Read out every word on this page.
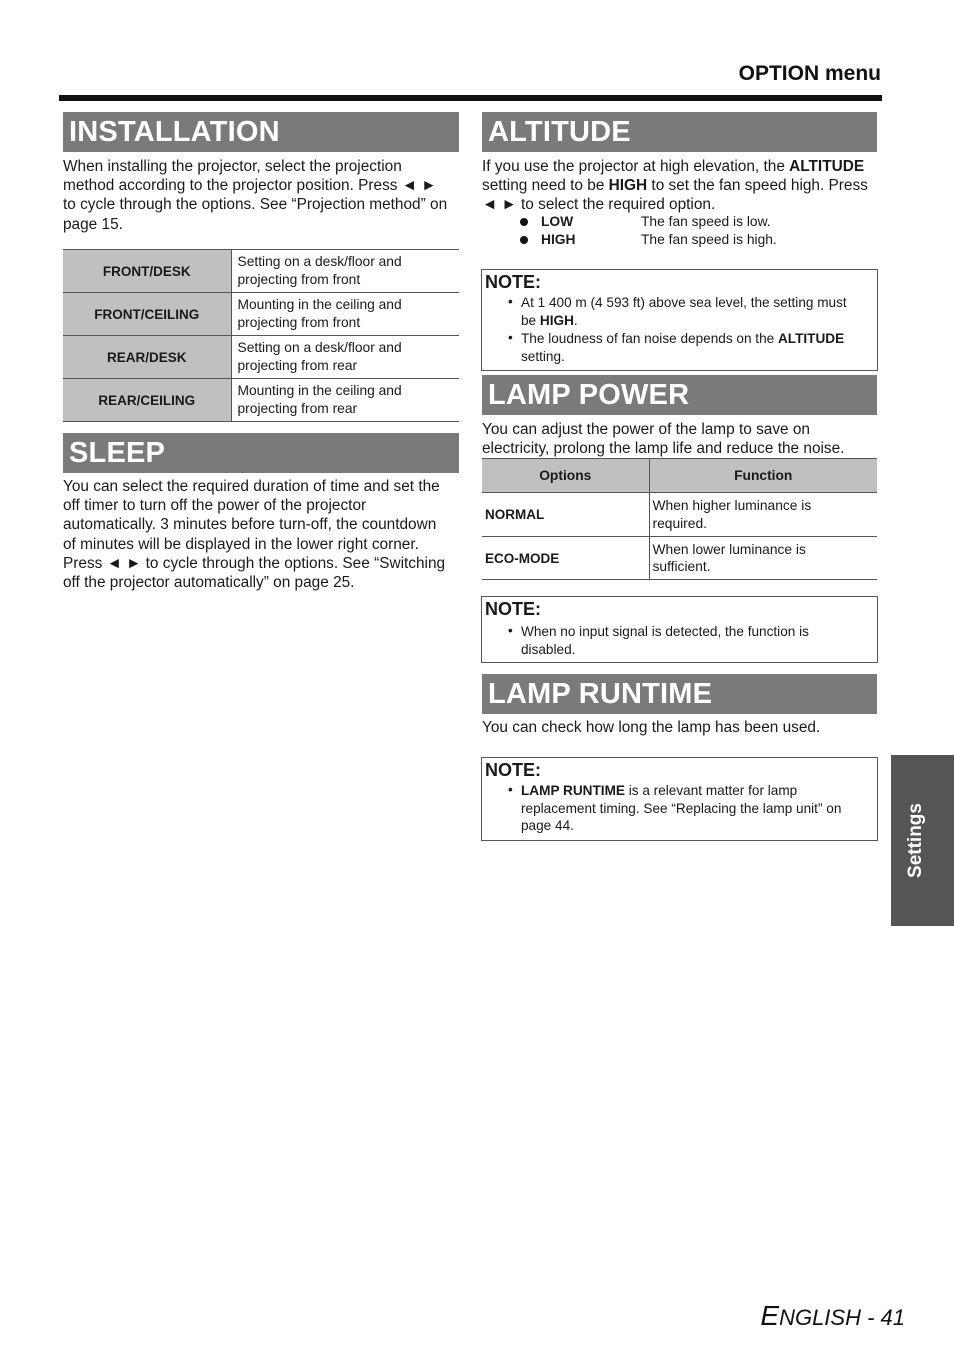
OPTION menu
INSTALLATION
When installing the projector, select the projection
method according to the projector position. Press ◄ ►
to cycle through the options. See “Projection method” on
page 15.
FRONT/DESK	Setting on a desk/floor and
projecting from front

FRONT/CEILING	Mounting in the ceiling and
projecting from front

REAR/DESK	Setting on a desk/floor and
projecting from rear

REAR/CEILING	Mounting in the ceiling and
projecting from rear
SLEEP
You can select the required duration of time and set the
off timer to turn off the power of the projector
automatically. 3 minutes before turn-off, the countdown
of minutes will be displayed in the lower right corner.
Press ◄ ► to cycle through the options. See “Switching
off the projector automatically” on page 25.
ALTITUDE
If you use the projector at high elevation, the ALTITUDE
setting need to be HIGH to set the fan speed high. Press
◄ ► to select the required option.
LOW	The fan speed is low.
HIGH	The fan speed is high.
NOTE:
• At 1 400 m (4 593 ft) above sea level, the setting must
be HIGH.
• The loudness of fan noise depends on the ALTITUDE
setting.
LAMP POWER
You can adjust the power of the lamp to save on
electricity, prolong the lamp life and reduce the noise.
Options	Function
NORMAL	When higher luminance is
required.

ECO-MODE	When lower luminance is
sufficient.
NOTE:
• When no input signal is detected, the function is
disabled.
LAMP RUNTIME
You can check how long the lamp has been used.
NOTE:
• LAMP RUNTIME is a relevant matter for lamp
replacement timing. See “Replacing the lamp unit” on
page 44.	Settings
ENGLISH - 41
